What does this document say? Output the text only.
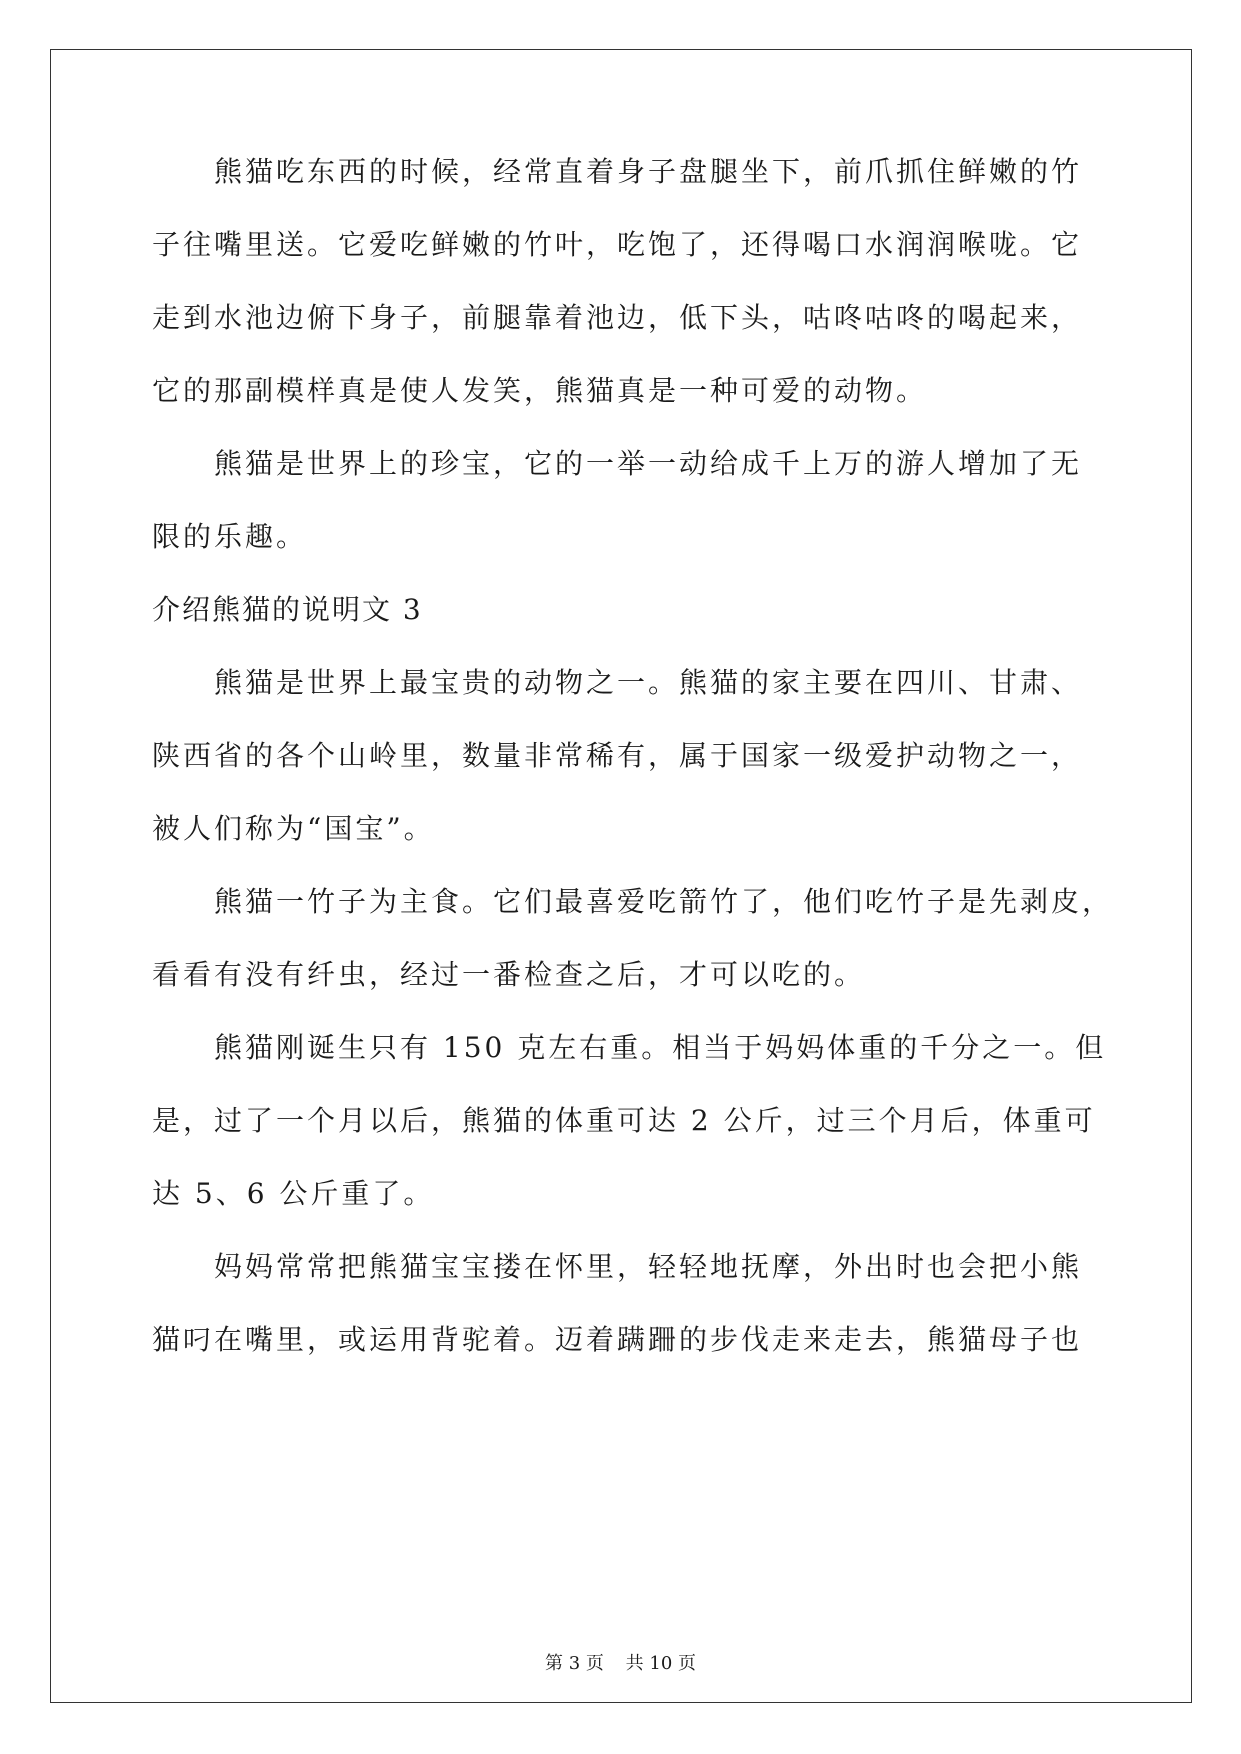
熊猫吃东西的时候，经常直着身子盘腿坐下，前爪抓住鲜嫩的竹
子往嘴里送。它爱吃鲜嫩的竹叶，吃饱了，还得喝口水润润喉咙。它
走到水池边俯下身子，前腿靠着池边，低下头，咕咚咕咚的喝起来，
它的那副模样真是使人发笑，熊猫真是一种可爱的动物。
熊猫是世界上的珍宝，它的一举一动给成千上万的游人增加了无
限的乐趣。
介绍熊猫的说明文 3
熊猫是世界上最宝贵的动物之一。熊猫的家主要在四川、甘肃、
陕西省的各个山岭里，数量非常稀有，属于国家一级爱护动物之一，
被人们称为“国宝”。
熊猫一竹子为主食。它们最喜爱吃箭竹了，他们吃竹子是先剥皮，
看看有没有纤虫，经过一番检查之后，才可以吃的。
熊猫刚诞生只有 150 克左右重。相当于妈妈体重的千分之一。但
是，过了一个月以后，熊猫的体重可达 2 公斤，过三个月后，体重可
达 5、6 公斤重了。
妈妈常常把熊猫宝宝搂在怀里，轻轻地抚摩，外出时也会把小熊
猫叼在嘴里，或运用背驼着。迈着蹒跚的步伐走来走去，熊猫母子也
第 3 页 共 10 页
